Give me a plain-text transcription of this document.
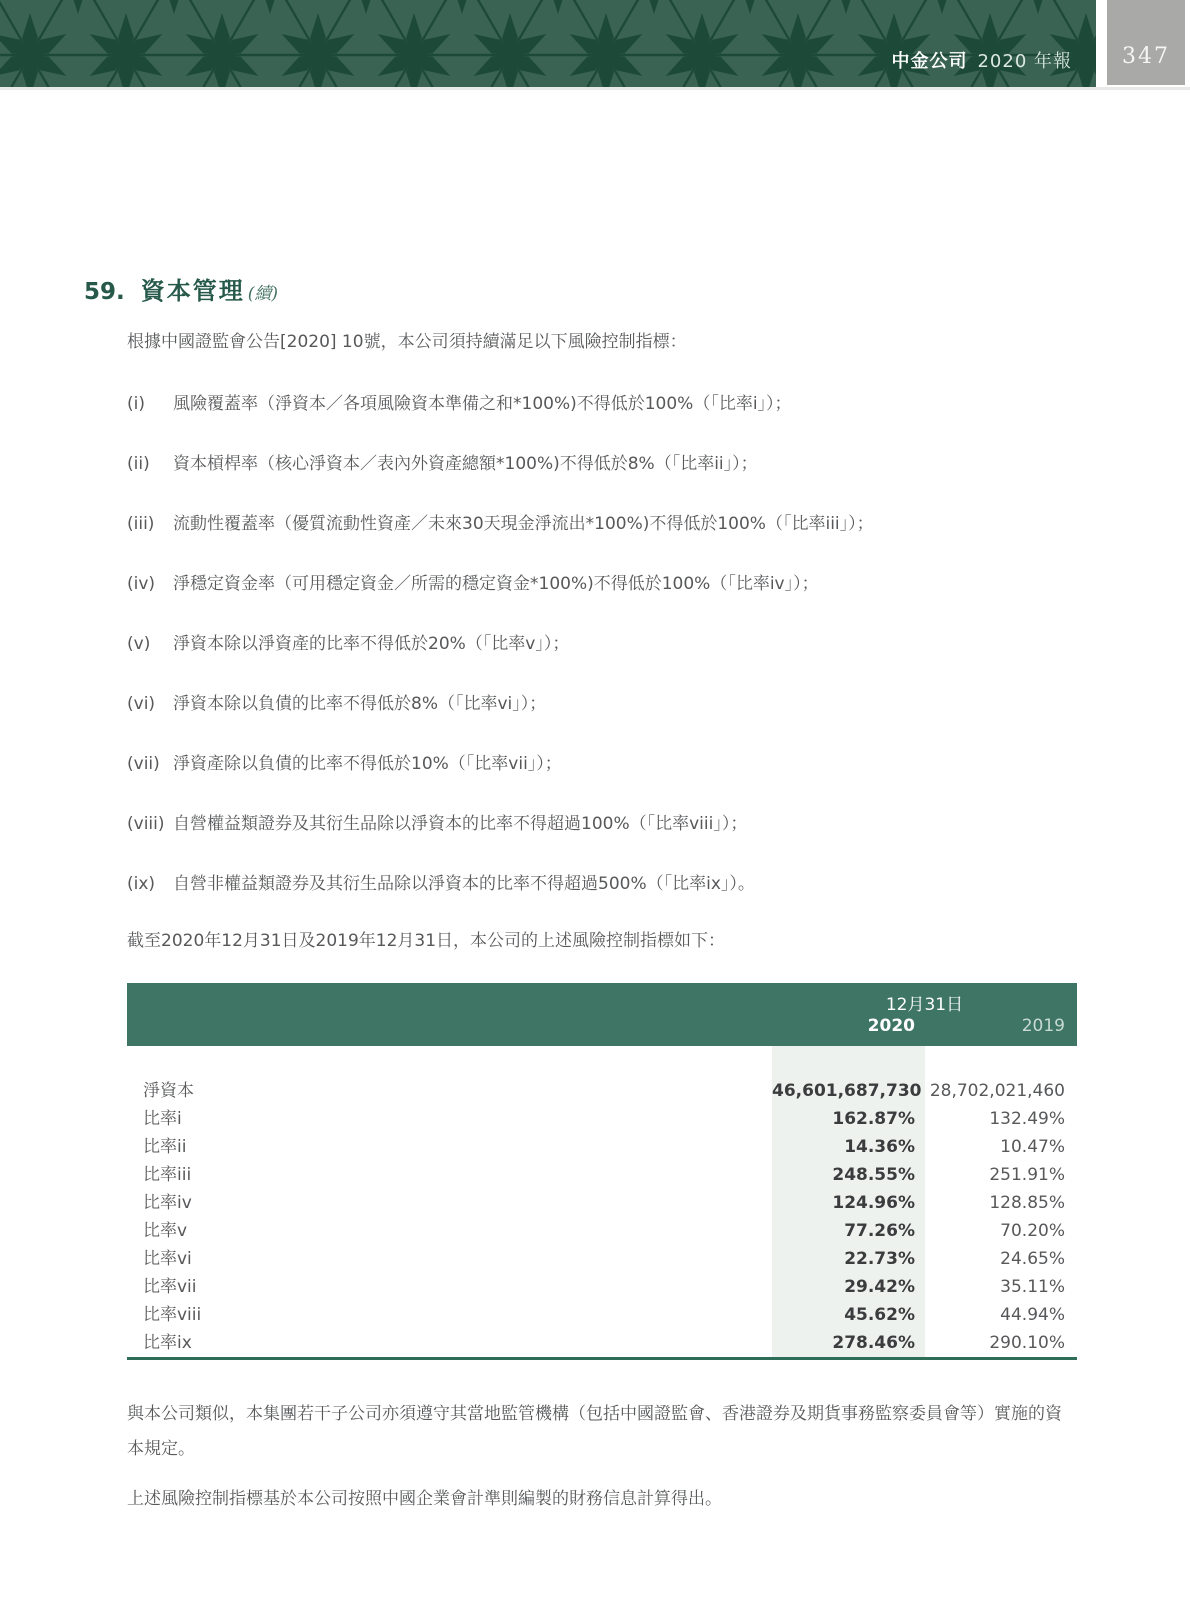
中金公司 2020 年報	347
59. 資本管理 (續)

根據中國證監會公告[2020] 10號，本公司須持續滿足以下風險控制指標：

(i)	風險覆蓋率（淨資本／各項風險資本準備之和*100%)不得低於100%（「比率i」）；
(ii)	資本槓桿率（核心淨資本／表內外資產總額*100%)不得低於8%（「比率ii」）；
(iii)	流動性覆蓋率（優質流動性資產／未來30天現金淨流出*100%)不得低於100%（「比率iii」）；
(iv)	淨穩定資金率（可用穩定資金／所需的穩定資金*100%)不得低於100%（「比率iv」）；
(v)	淨資本除以淨資產的比率不得低於20%（「比率v」）；
(vi)	淨資本除以負債的比率不得低於8%（「比率vi」）；
(vii) 淨資產除以負債的比率不得低於10%（「比率vii」）；
(viii) 自營權益類證券及其衍生品除以淨資本的比率不得超過100%（「比率viii」）；
(ix)	自營非權益類證券及其衍生品除以淨資本的比率不得超過500%（「比率ix」）。

截至2020年12月31日及2019年12月31日，本公司的上述風險控制指標如下：

12月31日
2020	2019
淨資本	46,601,687,730 28,702,021,460
比率i	162.87%	132.49%
比率ii	14.36%	10.47%
比率iii	248.55%	251.91%
比率iv	124.96%	128.85%
比率v	77.26%	70.20%
比率vi	22.73%	24.65%
比率vii	29.42%	35.11%
比率viii	45.62%	44.94%
比率ix	278.46%	290.10%

與本公司類似，本集團若干子公司亦須遵守其當地監管機構（包括中國證監會、香港證券及期貨事務監察委員會等）實施的資本規定。

上述風險控制指標基於本公司按照中國企業會計準則編製的財務信息計算得出。
